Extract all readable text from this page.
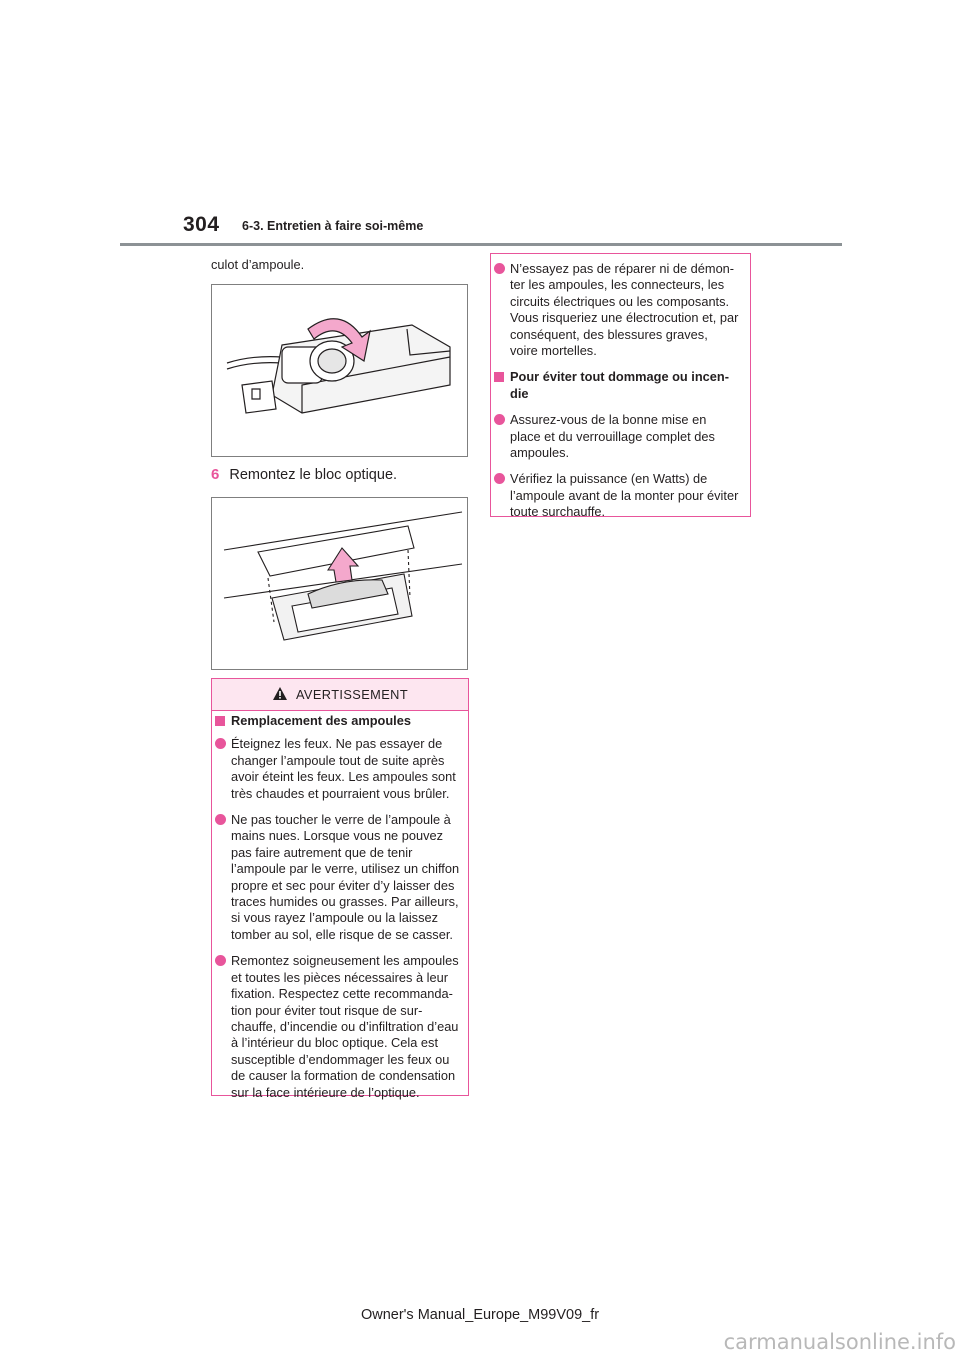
304 6-3. Entretien à faire soi-même
culot d’ampoule.
6 Remontez le bloc optique.
AVERTISSEMENT
Remplacement des ampoules
Éteignez les feux. Ne pas essayer de
changer l’ampoule tout de suite après
avoir éteint les feux. Les ampoules sont
très chaudes et pourraient vous brûler.
Ne pas toucher le verre de l’ampoule à
mains nues. Lorsque vous ne pouvez
pas faire autrement que de tenir
l’ampoule par le verre, utilisez un chiffon
propre et sec pour éviter d’y laisser des
traces humides ou grasses. Par ailleurs,
si vous rayez l’ampoule ou la laissez
tomber au sol, elle risque de se casser.
Remontez soigneusement les ampoules
et toutes les pièces nécessaires à leur
fixation. Respectez cette recommanda-
tion pour éviter tout risque de sur-
chauffe, d’incendie ou d’infiltration d’eau
à l’intérieur du bloc optique. Cela est
susceptible d’endommager les feux ou
de causer la formation de condensation
sur la face intérieure de l’optique.
N’essayez pas de réparer ni de démon-
ter les ampoules, les connecteurs, les
circuits électriques ou les composants.
Vous risqueriez une électrocution et, par
conséquent, des blessures graves,
voire mortelles.
Pour éviter tout dommage ou incen-
die
Assurez-vous de la bonne mise en
place et du verrouillage complet des
ampoules.
Vérifiez la puissance (en Watts) de
l’ampoule avant de la monter pour éviter
toute surchauffe.
Owner's Manual_Europe_M99V09_fr
carmanualsonline.info
